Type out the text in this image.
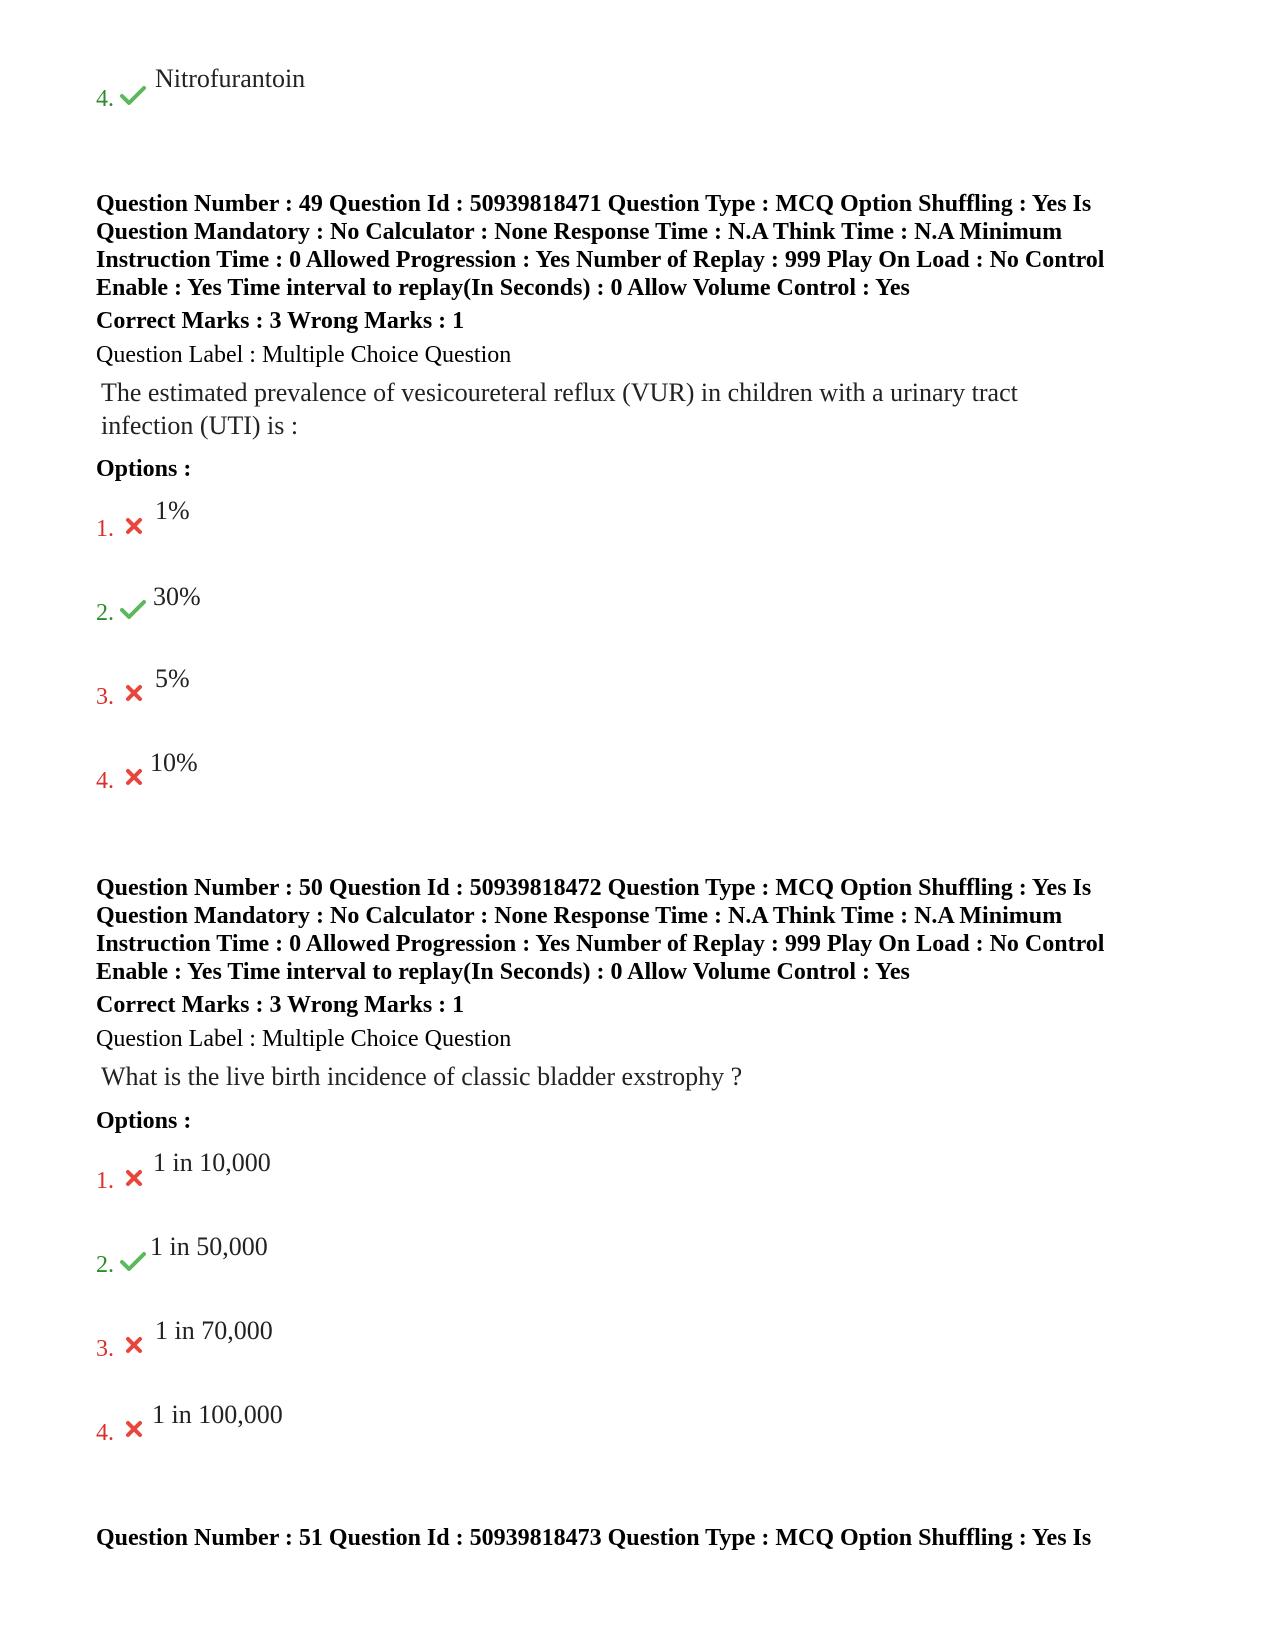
4.
Nitrofurantoin
Question Number : 49 Question Id : 50939818471 Question Type : MCQ Option Shuffling : Yes Is
Question Mandatory : No Calculator : None Response Time : N.A Think Time : N.A Minimum
Instruction Time : 0 Allowed Progression : Yes Number of Replay : 999 Play On Load : No Control
Enable : Yes Time interval to replay(In Seconds) : 0 Allow Volume Control : Yes
Correct Marks : 3 Wrong Marks : 1
Question Label : Multiple Choice Question
The estimated prevalence of vesicoureteral reflux (VUR) in children with a urinary tract
infection (UTI) is :
Options :
1.
1%
2.
30%
3.
5%
4.
10%
Question Number : 50 Question Id : 50939818472 Question Type : MCQ Option Shuffling : Yes Is
Question Mandatory : No Calculator : None Response Time : N.A Think Time : N.A Minimum
Instruction Time : 0 Allowed Progression : Yes Number of Replay : 999 Play On Load : No Control
Enable : Yes Time interval to replay(In Seconds) : 0 Allow Volume Control : Yes
Correct Marks : 3 Wrong Marks : 1
Question Label : Multiple Choice Question
What is the live birth incidence of classic bladder exstrophy ?
Options :
1.
1 in 10,000
2.
1 in 50,000
3.
1 in 70,000
4.
1 in 100,000
Question Number : 51 Question Id : 50939818473 Question Type : MCQ Option Shuffling : Yes Is
